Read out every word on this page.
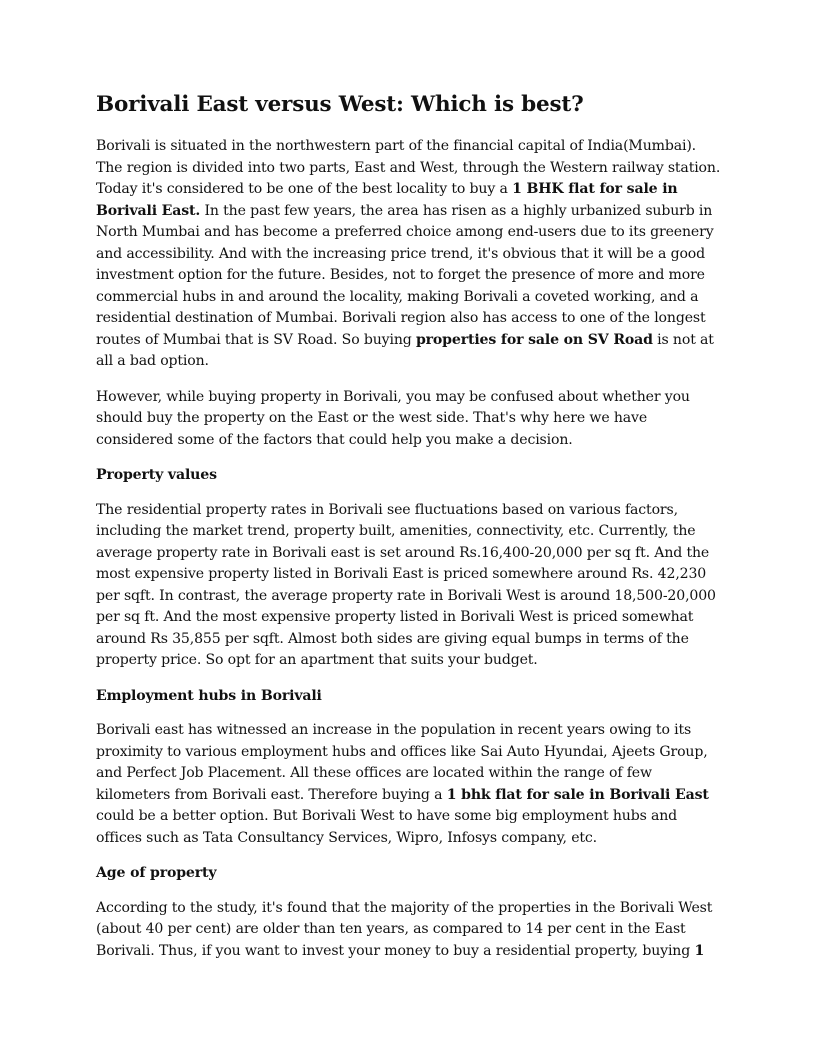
Borivali East versus West: Which is best?

Borivali is situated in the northwestern part of the financial capital of India(Mumbai). The region is divided into two parts, East and West, through the Western railway station. Today it's considered to be one of the best locality to buy a 1 BHK flat for sale in Borivali East. In the past few years, the area has risen as a highly urbanized suburb in North Mumbai and has become a preferred choice among end-users due to its greenery and accessibility. And with the increasing price trend, it's obvious that it will be a good investment option for the future. Besides, not to forget the presence of more and more commercial hubs in and around the locality, making Borivali a coveted working, and a residential destination of Mumbai. Borivali region also has access to one of the longest routes of Mumbai that is SV Road. So buying properties for sale on SV Road is not at all a bad option.

However, while buying property in Borivali, you may be confused about whether you should buy the property on the East or the west side. That's why here we have considered some of the factors that could help you make a decision.

Property values

The residential property rates in Borivali see fluctuations based on various factors, including the market trend, property built, amenities, connectivity, etc. Currently, the average property rate in Borivali east is set around Rs.16,400-20,000 per sq ft. And the most expensive property listed in Borivali East is priced somewhere around Rs. 42,230 per sqft. In contrast, the average property rate in Borivali West is around 18,500-20,000 per sq ft. And the most expensive property listed in Borivali West is priced somewhat around Rs 35,855 per sqft. Almost both sides are giving equal bumps in terms of the property price. So opt for an apartment that suits your budget.

Employment hubs in Borivali

Borivali east has witnessed an increase in the population in recent years owing to its proximity to various employment hubs and offices like Sai Auto Hyundai, Ajeets Group, and Perfect Job Placement. All these offices are located within the range of few kilometers from Borivali east. Therefore buying a 1 bhk flat for sale in Borivali East could be a better option. But Borivali West to have some big employment hubs and offices such as Tata Consultancy Services, Wipro, Infosys company, etc.

Age of property

According to the study, it's found that the majority of the properties in the Borivali West (about 40 per cent) are older than ten years, as compared to 14 per cent in the East Borivali. Thus, if you want to invest your money to buy a residential property, buying 1
